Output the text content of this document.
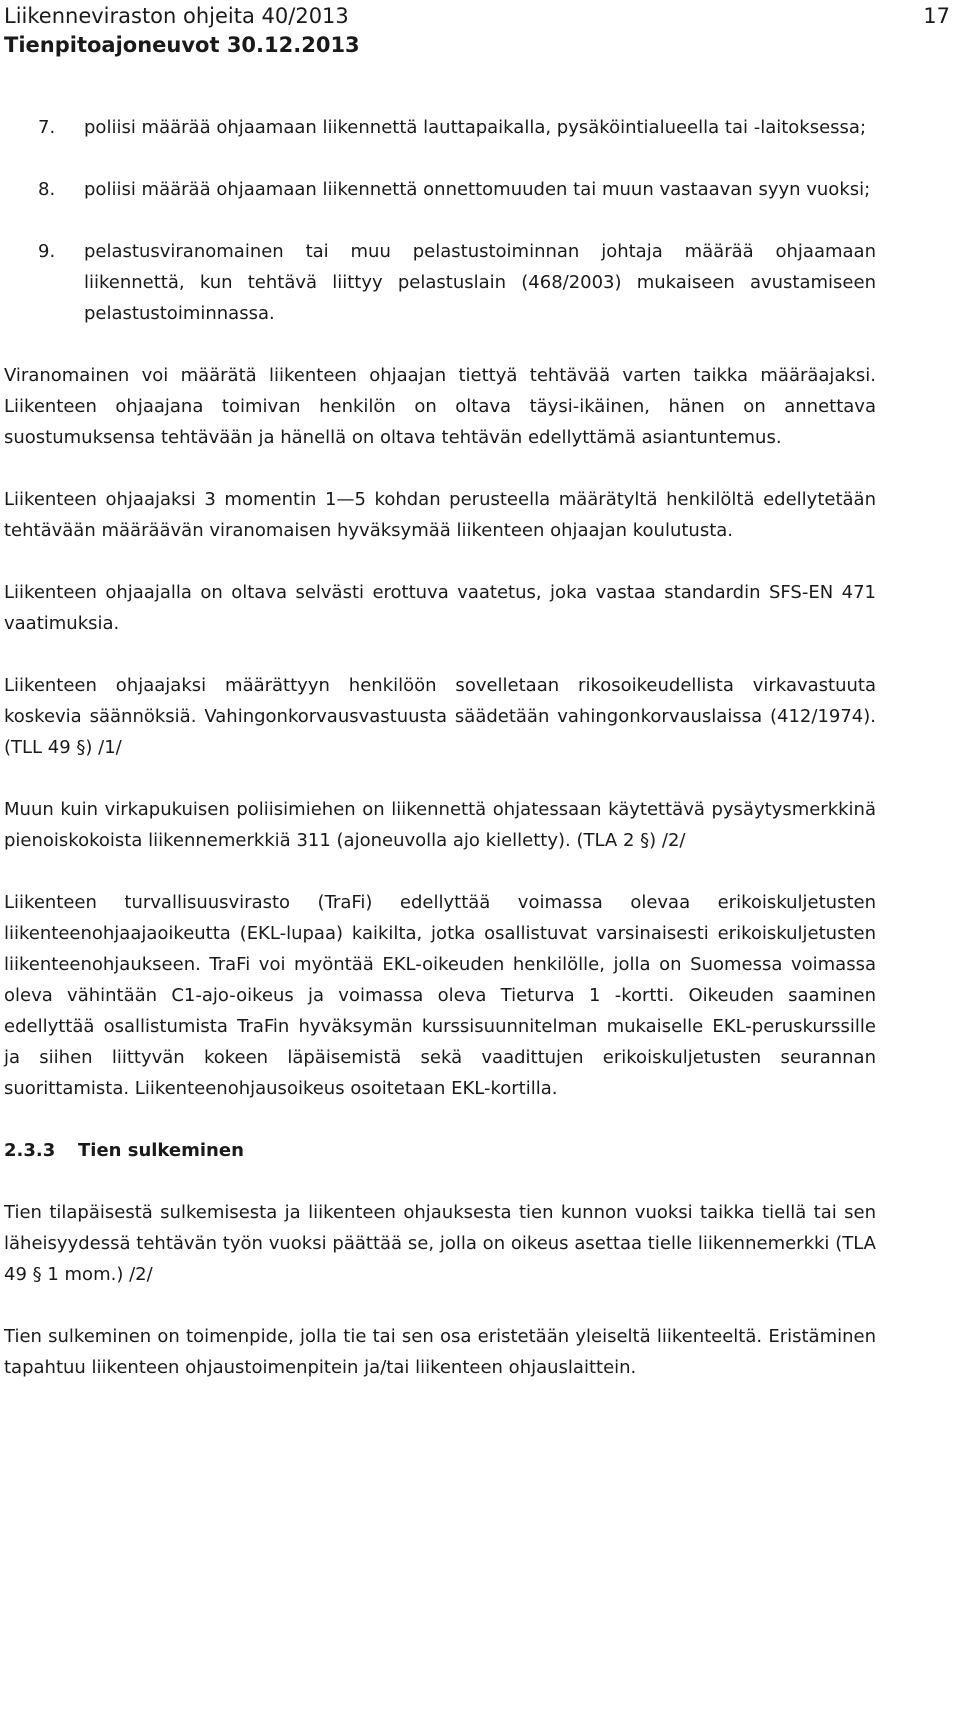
Liikenneviraston ohjeita 40/2013
Tienpitoajoneuvot 30.12.2013
17
7. poliisi määrää ohjaamaan liikennettä lauttapaikalla, pysäköintialueella tai -laitoksessa;
8. poliisi määrää ohjaamaan liikennettä onnettomuuden tai muun vastaavan syyn vuoksi;
9. pelastusviranomainen tai muu pelastustoiminnan johtaja määrää ohjaamaan liikennettä, kun tehtävä liittyy pelastuslain (468/2003) mukaiseen avustamiseen pelastustoiminnassa.

Viranomainen voi määrätä liikenteen ohjaajan tiettyä tehtävää varten taikka määräajaksi. Liikenteen ohjaajana toimivan henkilön on oltava täysi-ikäinen, hänen on annettava suostumuksensa tehtävään ja hänellä on oltava tehtävän edellyttämä asiantuntemus.

Liikenteen ohjaajaksi 3 momentin 1—5 kohdan perusteella määrätyltä henkilöltä edellytetään tehtävään määräävän viranomaisen hyväksymää liikenteen ohjaajan koulutusta.

Liikenteen ohjaajalla on oltava selvästi erottuva vaatetus, joka vastaa standardin SFS-EN 471 vaatimuksia.

Liikenteen ohjaajaksi määrättyyn henkilöön sovelletaan rikosoikeudellista virkavastuuta koskevia säännöksiä. Vahingonkorvausvastuusta säädetään vahingonkorvauslaissa (412/1974). (TLL 49 §) /1/

Muun kuin virkapukuisen poliisimiehen on liikennettä ohjatessaan käytettävä pysäytysmerkkinä pienoiskokoista liikennemerkkiä 311 (ajoneuvolla ajo kielletty). (TLA 2 §) /2/

Liikenteen turvallisuusvirasto (TraFi) edellyttää voimassa olevaa erikoiskuljetusten liikenteenohjaajaoikeutta (EKL-lupaa) kaikilta, jotka osallistuvat varsinaisesti erikoiskuljetusten liikenteenohjaukseen. TraFi voi myöntää EKL-oikeuden henkilölle, jolla on Suomessa voimassa oleva vähintään C1-ajo-oikeus ja voimassa oleva Tieturva 1 -kortti. Oikeuden saaminen edellyttää osallistumista TraFin hyväksymän kurssisuunnitelman mukaiselle EKL-peruskurssille ja siihen liittyvän kokeen läpäisemistä sekä vaadittujen erikoiskuljetusten seurannan suorittamista. Liikenteenohjausoikeus osoitetaan EKL-kortilla.

2.3.3 Tien sulkeminen

Tien tilapäisestä sulkemisesta ja liikenteen ohjauksesta tien kunnon vuoksi taikka tiellä tai sen läheisyydessä tehtävän työn vuoksi päättää se, jolla on oikeus asettaa tielle liikennemerkki (TLA 49 § 1 mom.) /2/

Tien sulkeminen on toimenpide, jolla tie tai sen osa eristetään yleiseltä liikenteeltä. Eristäminen tapahtuu liikenteen ohjaustoimenpitein ja/tai liikenteen ohjauslaittein.
